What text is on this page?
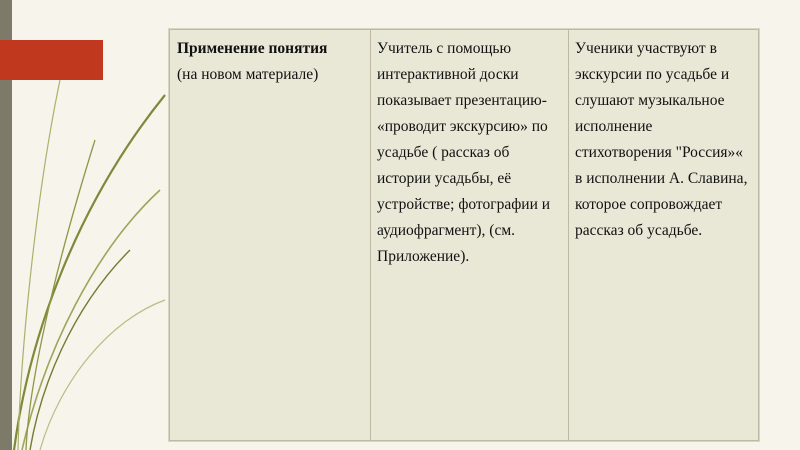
Применение понятия
(на новом материале)	Учитель с помощью интерактивной доски показывает презентацию- «проводит экскурсию» по усадьбе ( рассказ об истории усадьбы, её устройстве; фотографии и аудиофрагмент), (см. Приложение).	Ученики участвуют в экскурсии по усадьбе и слушают музыкальное исполнение стихотворения "Россия»« в исполнении А. Славина, которое сопровождает рассказ об усадьбе.
